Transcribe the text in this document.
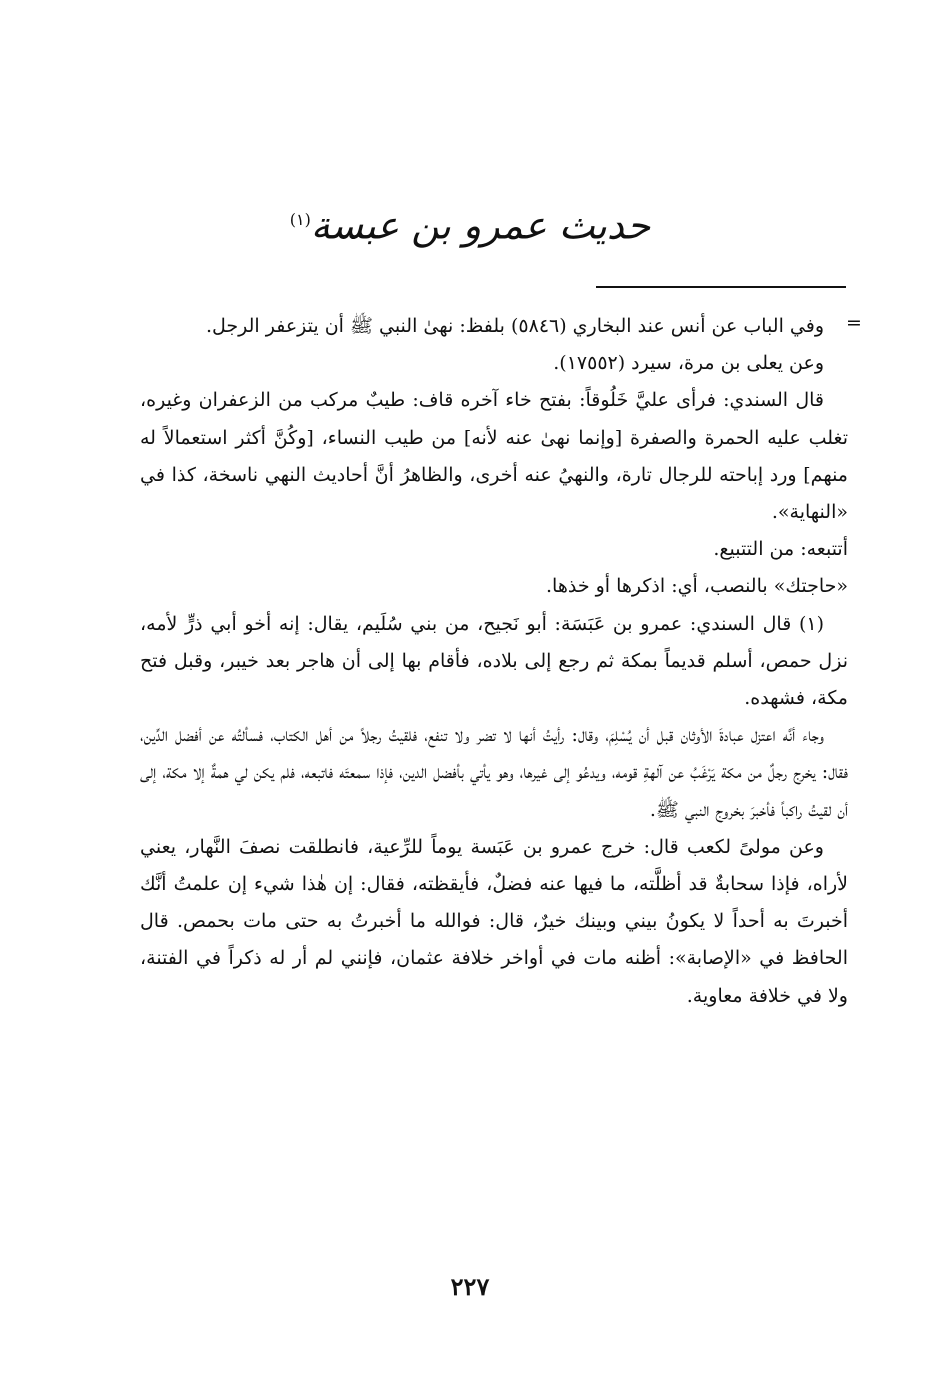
حديث عمرو بن عبسة$^{(١)}$
=

وفي الباب عن أنس عند البخاري (٥٨٤٦) بلفظ: نهىٰ النبي ﷺ أن يتزعفر الرجل.

وعن يعلى بن مرة، سيرد (١٧٥٥٢).

قال السندي: فرأى عليَّ خَلُوقاً: بفتح خاء آخره قاف: طيبٌ مركب من الزعفران وغيره، تغلب عليه الحمرة والصفرة [وإنما نهىٰ عنه لأنه] من طيب النساء، [وكُنَّ أكثر استعمالاً له منهم] ورد إباحته للرجال تارة، والنهيُ عنه أخرى، والظاهرُ أنَّ أحاديث النهي ناسخة، كذا في «النهاية».

أتتبعه: من التتبيع.

«حاجتك» بالنصب، أي: اذكرها أو خذها.

(١) قال السندي: عمرو بن عَبَسَة: أبو نَجيح، من بني سُلَيم، يقال: إنه أخو أبي ذرٍّ لأمه، نزل حمص، أسلم قديماً بمكة ثم رجع إلى بلاده، فأقام بها إلى أن هاجر بعد خيبر، وقبل فتح مكة، فشهده.

وجاء أنَّه اعتزل عبادةَ الأوثان قبل أن يُسْلِمَ، وقال: رأيتُ أنها لا تضر ولا تنفع، فلقيتُ رجلاً من أهل الكتاب، فسألتُه عن أفضل الدِّين، فقال: يخرج رجلٌ من مكة يَرْغَبُ عن آلهةِ قومه، ويدعُو إلى غيرها، وهو يأتي بأفضل الدين، فإذا سمعتَه فاتبعه، فلم يكن لي همةٌ إلا مكة، إلى أن لقيتُ راكباً فأخبرَ بخروج النبي ﷺ.

وعن مولىً لكعب قال: خرج عمرو بن عَبَسة يوماً للرِّعية، فانطلقت نصفَ النَّهار، يعني لأراه، فإذا سحابةٌ قد أظلَّته، ما فيها عنه فضلٌ، فأيقظته، فقال: إن هٰذا شيء إن علمتُ أنَّك أخبرتَ به أحداً لا يكونُ بيني وبينك خيرٌ، قال: فوالله ما أخبرتُ به حتى مات بحمص. قال الحافظ في «الإصابة»: أظنه مات في أواخر خلافة عثمان، فإنني لم أر له ذكراً في الفتنة، ولا في خلافة معاوية.

٢٢٧
